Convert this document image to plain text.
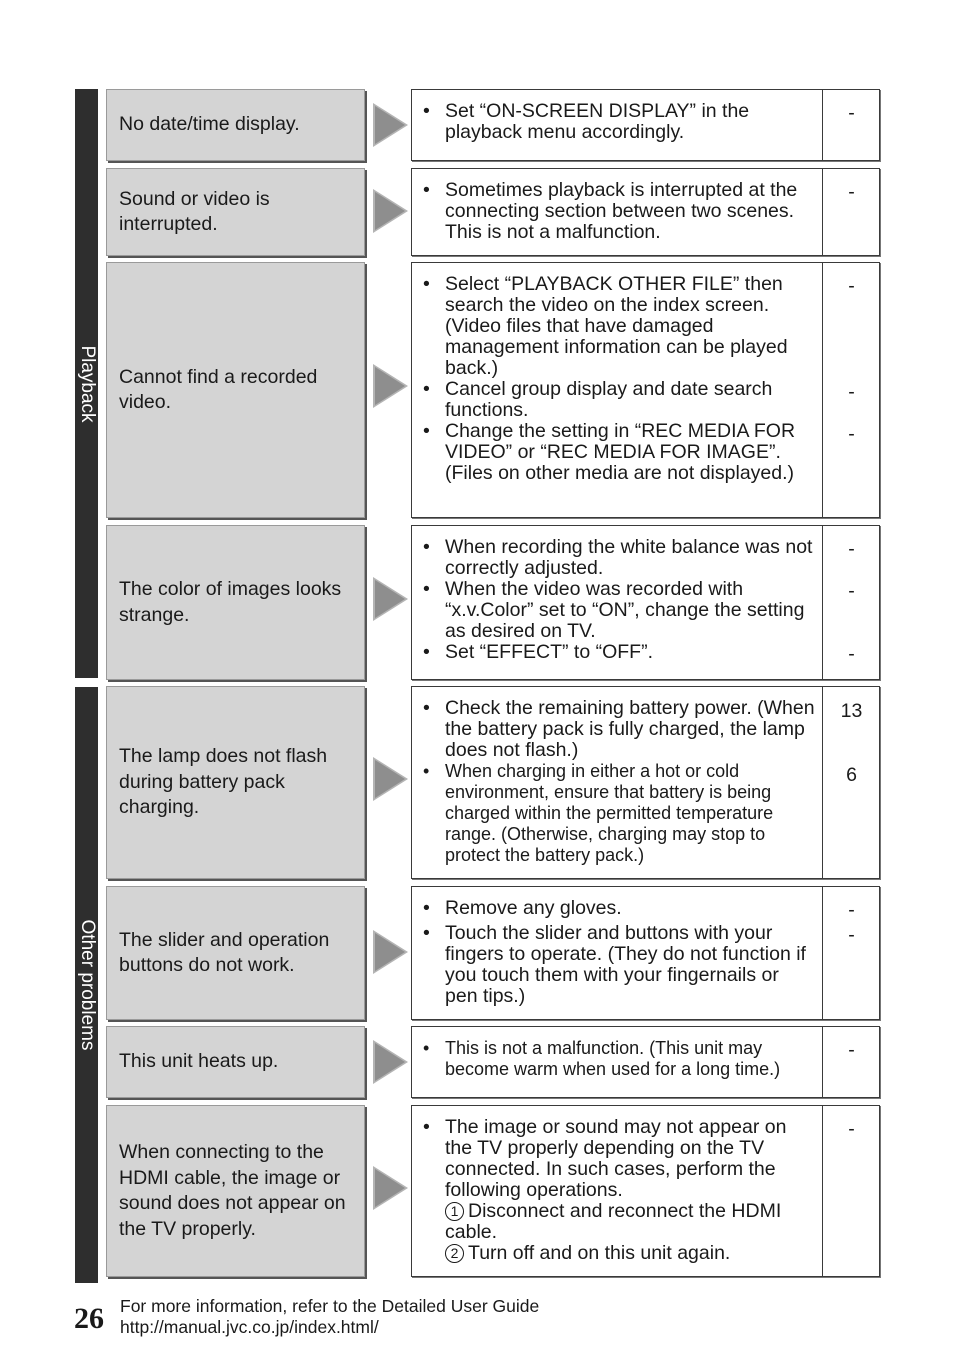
Playback
Other problems
No date/time display.
• Set “ON-SCREEN DISPLAY” in the playback menu accordingly.
-
Sound or video is interrupted.
• Sometimes playback is interrupted at the connecting section between two scenes. This is not a malfunction.
-
Cannot find a recorded video.
• Select “PLAYBACK OTHER FILE” then search the video on the index screen. (Video files that have damaged management information can be played back.)
• Cancel group display and date search functions.
• Change the setting in “REC MEDIA FOR VIDEO” or “REC MEDIA FOR IMAGE”. (Files on other media are not displayed.)
-
-
-
The color of images looks strange.
• When recording the white balance was not correctly adjusted.
• When the video was recorded with “x.v.Color” set to “ON”, change the setting as desired on TV.
• Set “EFFECT” to “OFF”.
-
-
-
The lamp does not flash during battery pack charging.
• Check the remaining battery power. (When the battery pack is fully charged, the lamp does not flash.)
• When charging in either a hot or cold environment, ensure that battery is being charged within the permitted temperature range. (Otherwise, charging may stop to protect the battery pack.)
13
6
The slider and operation buttons do not work.
• Remove any gloves.
• Touch the slider and buttons with your fingers to operate. (They do not function if you touch them with your fingernails or pen tips.)
-
-
This unit heats up.
• This is not a malfunction. (This unit may become warm when used for a long time.)
-
When connecting to the HDMI cable, the image or sound does not appear on the TV properly.
• The image or sound may not appear on the TV properly depending on the TV connected. In such cases, perform the following operations.
1 Disconnect and reconnect the HDMI cable.
2 Turn off and on this unit again.
-
26 For more information, refer to the Detailed User Guide
http://manual.jvc.co.jp/index.html/
